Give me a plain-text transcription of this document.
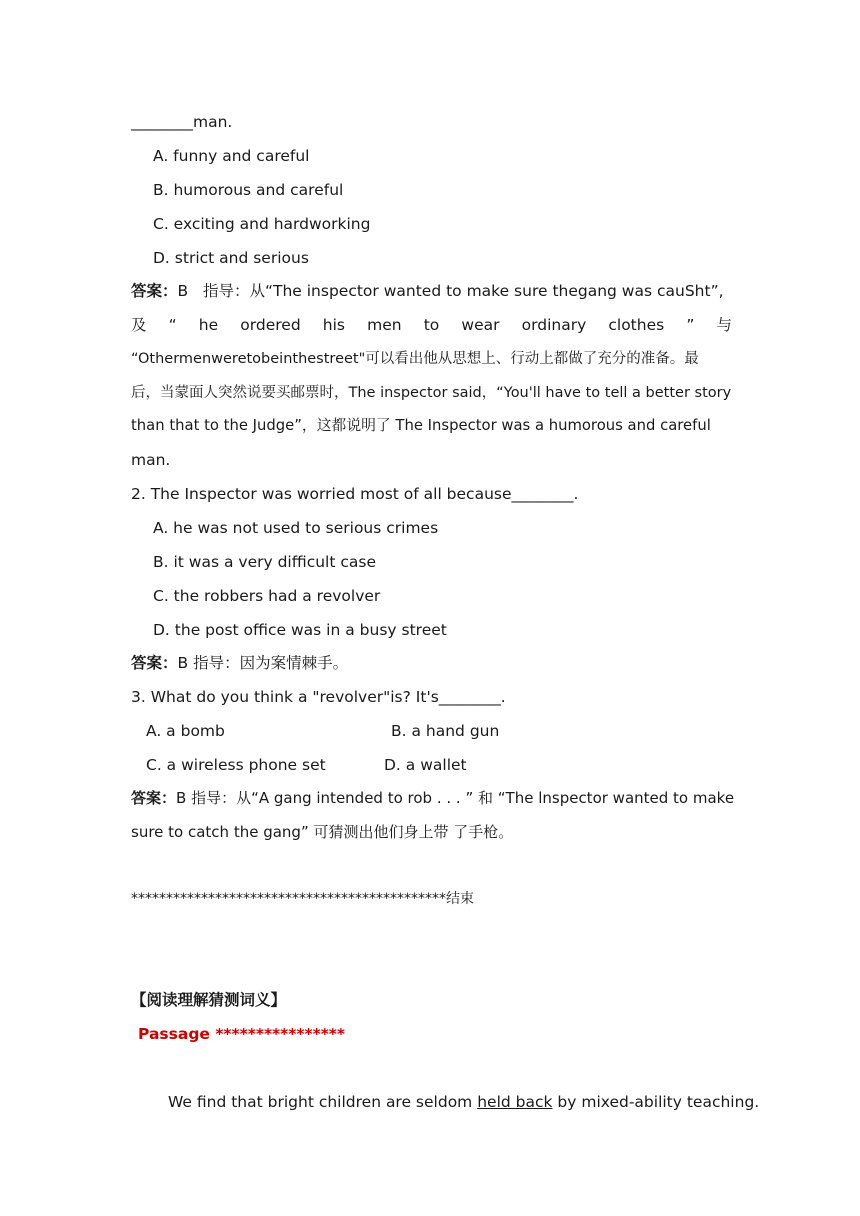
________man.
A. funny and careful
B. humorous and careful
C. exciting and hardworking
D. strict and serious
答案：B 指导：从“The inspector wanted to make sure thegang was cauSht”,
及 “ he ordered his men to wear ordinary clothes ” 与
“Othermenweretobeinthestreet"可以看出他从思想上、行动上都做了充分的准备。最
后，当蒙面人突然说要买邮票时，The inspector said，“You'll have to tell a better story
than that to the Judge”，这都说明了 The Inspector was a humorous and careful
man.
2. The Inspector was worried most of all because________.
A. he was not used to serious crimes
B. it was a very difficult case
C. the robbers had a revolver
D. the post office was in a busy street
答案：B 指导：因为案情棘手。
3. What do you think a "revolver"is? It's________.
A. a bomb	B. a hand gun
C. a wireless phone set	D. a wallet
答案：B 指导：从“A gang intended to rob . . . ” 和 “The lnspector wanted to make
sure to catch the gang” 可猜测出他们身上带 了手枪。
*********************************************结束
【阅读理解猜测词义】
Passage ****************
We find that bright children are seldom held back by mixed-ability teaching.
